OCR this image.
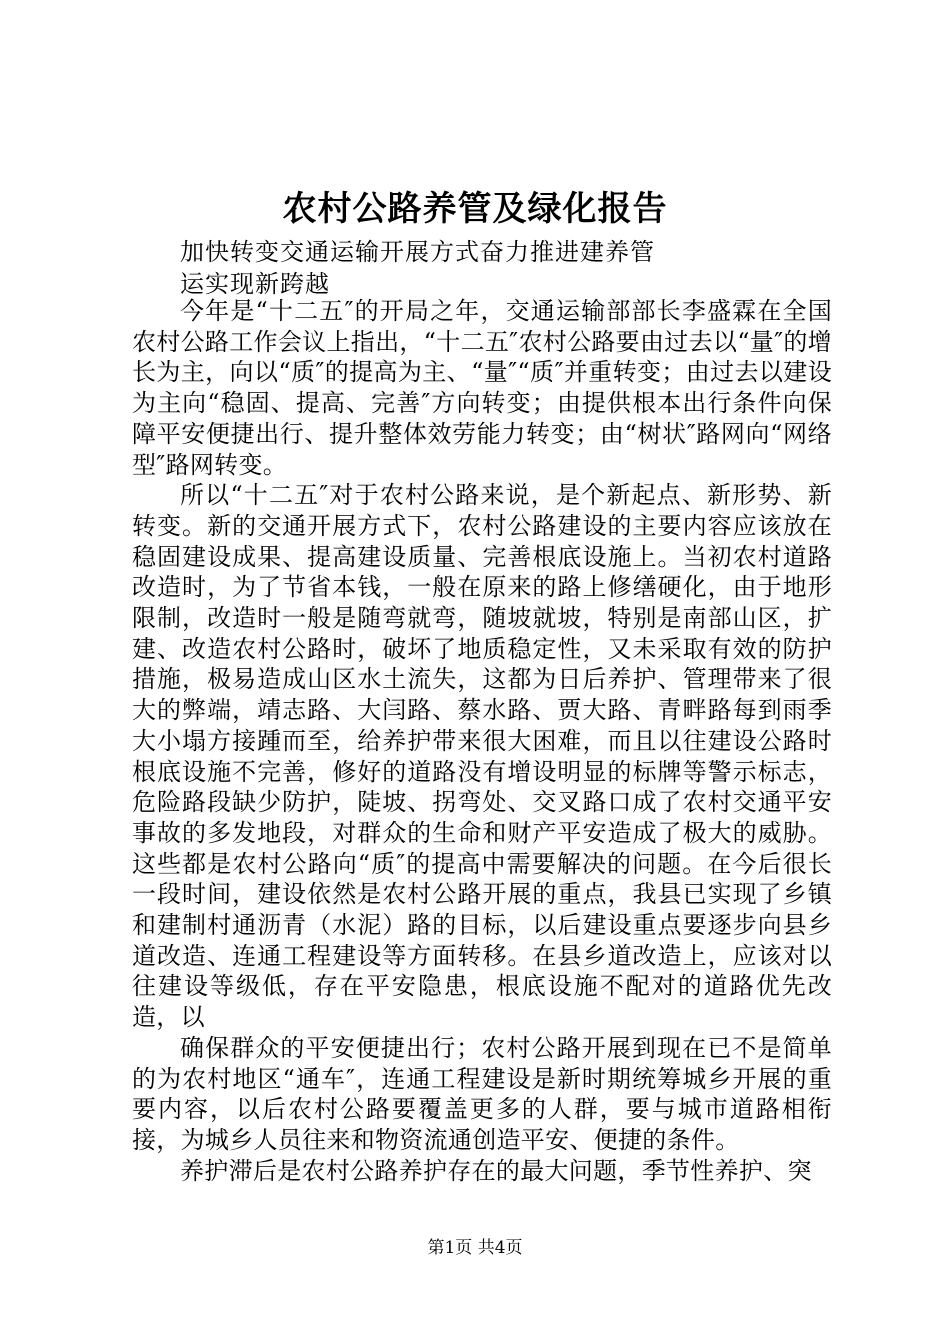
农村公路养管及绿化报告
加快转变交通运输开展方式奋力推进建养管
运实现新跨越

今年是“十二五″的开局之年，交通运输部部长李盛霖在全国农村公路工作会议上指出，“十二五″农村公路要由过去以“量″的增长为主，向以“质″的提高为主、“量″“质″并重转变；由过去以建设为主向“稳固、提高、完善″方向转变；由提供根本出行条件向保障平安便捷出行、提升整体效劳能力转变；由“树状″路网向“网络型″路网转变。

所以“十二五″对于农村公路来说，是个新起点、新形势、新转变。新的交通开展方式下，农村公路建设的主要内容应该放在稳固建设成果、提高建设质量、完善根底设施上。当初农村道路改造时，为了节省本钱，一般在原来的路上修缮硬化，由于地形限制，改造时一般是随弯就弯，随坡就坡，特别是南部山区，扩建、改造农村公路时，破坏了地质稳定性，又未采取有效的防护措施，极易造成山区水土流失，这都为日后养护、管理带来了很大的弊端，靖志路、大闫路、蔡水路、贾大路、青畔路每到雨季大小塌方接踵而至，给养护带来很大困难，而且以往建设公路时根底设施不完善，修好的道路没有增设明显的标牌等警示标志，危险路段缺少防护，陡坡、拐弯处、交叉路口成了农村交通平安事故的多发地段，对群众的生命和财产平安造成了极大的威胁。这些都是农村公路向“质″的提高中需要解决的问题。在今后很长一段时间，建设依然是农村公路开展的重点，我县已实现了乡镇和建制村通沥青（水泥）路的目标，以后建设重点要逐步向县乡道改造、连通工程建设等方面转移。在县乡道改造上，应该对以往建设等级低，存在平安隐患，根底设施不配对的道路优先改造，以

确保群众的平安便捷出行；农村公路开展到现在已不是简单的为农村地区“通车″，连通工程建设是新时期统筹城乡开展的重要内容，以后农村公路要覆盖更多的人群，要与城市道路相衔接，为城乡人员往来和物资流通创造平安、便捷的条件。

养护滞后是农村公路养护存在的最大问题，季节性养护、突

第1页 共4页
